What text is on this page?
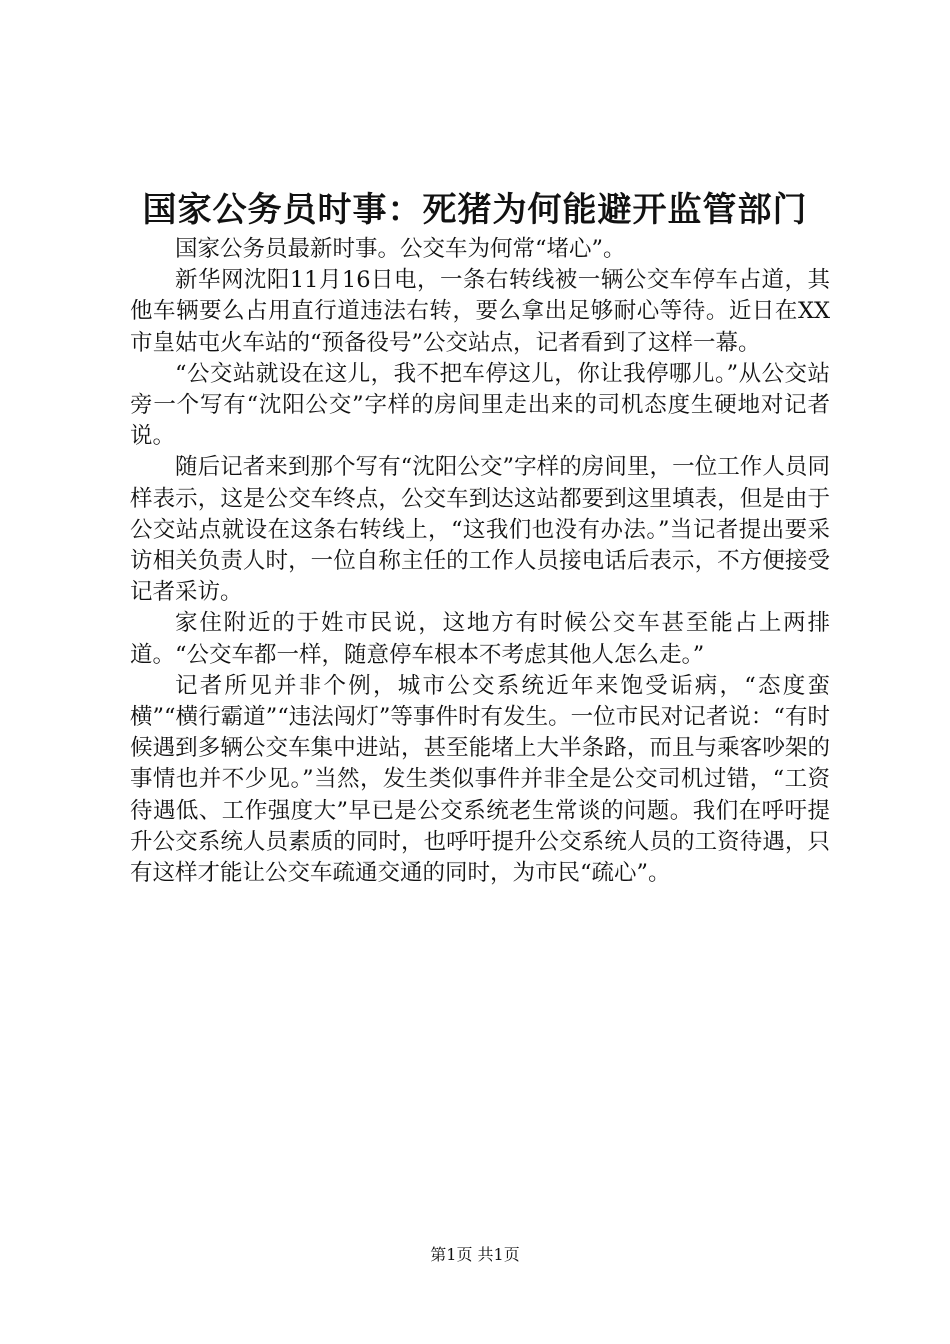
国家公务员时事：死猪为何能避开监管部门

国家公务员最新时事。公交车为何常“堵心”。

新华网沈阳11月16日电，一条右转线被一辆公交车停车占道，其他车辆要么占用直行道违法右转，要么拿出足够耐心等待。近日在XX市皇姑屯火车站的“预备役号”公交站点，记者看到了这样一幕。

“公交站就设在这儿，我不把车停这儿，你让我停哪儿。”从公交站旁一个写有“沈阳公交”字样的房间里走出来的司机态度生硬地对记者说。

随后记者来到那个写有“沈阳公交”字样的房间里，一位工作人员同样表示，这是公交车终点，公交车到达这站都要到这里填表，但是由于公交站点就设在这条右转线上，“这我们也没有办法。”当记者提出要采访相关负责人时，一位自称主任的工作人员接电话后表示，不方便接受记者采访。

家住附近的于姓市民说，这地方有时候公交车甚至能占上两排道。“公交车都一样，随意停车根本不考虑其他人怎么走。”

记者所见并非个例，城市公交系统近年来饱受诟病，“态度蛮横”“横行霸道”“违法闯灯”等事件时有发生。一位市民对记者说：“有时候遇到多辆公交车集中进站，甚至能堵上大半条路，而且与乘客吵架的事情也并不少见。”当然，发生类似事件并非全是公交司机过错，“工资待遇低、工作强度大”早已是公交系统老生常谈的问题。我们在呼吁提升公交系统人员素质的同时，也呼吁提升公交系统人员的工资待遇，只有这样才能让公交车疏通交通的同时，为市民“疏心”。

第1页 共1页
